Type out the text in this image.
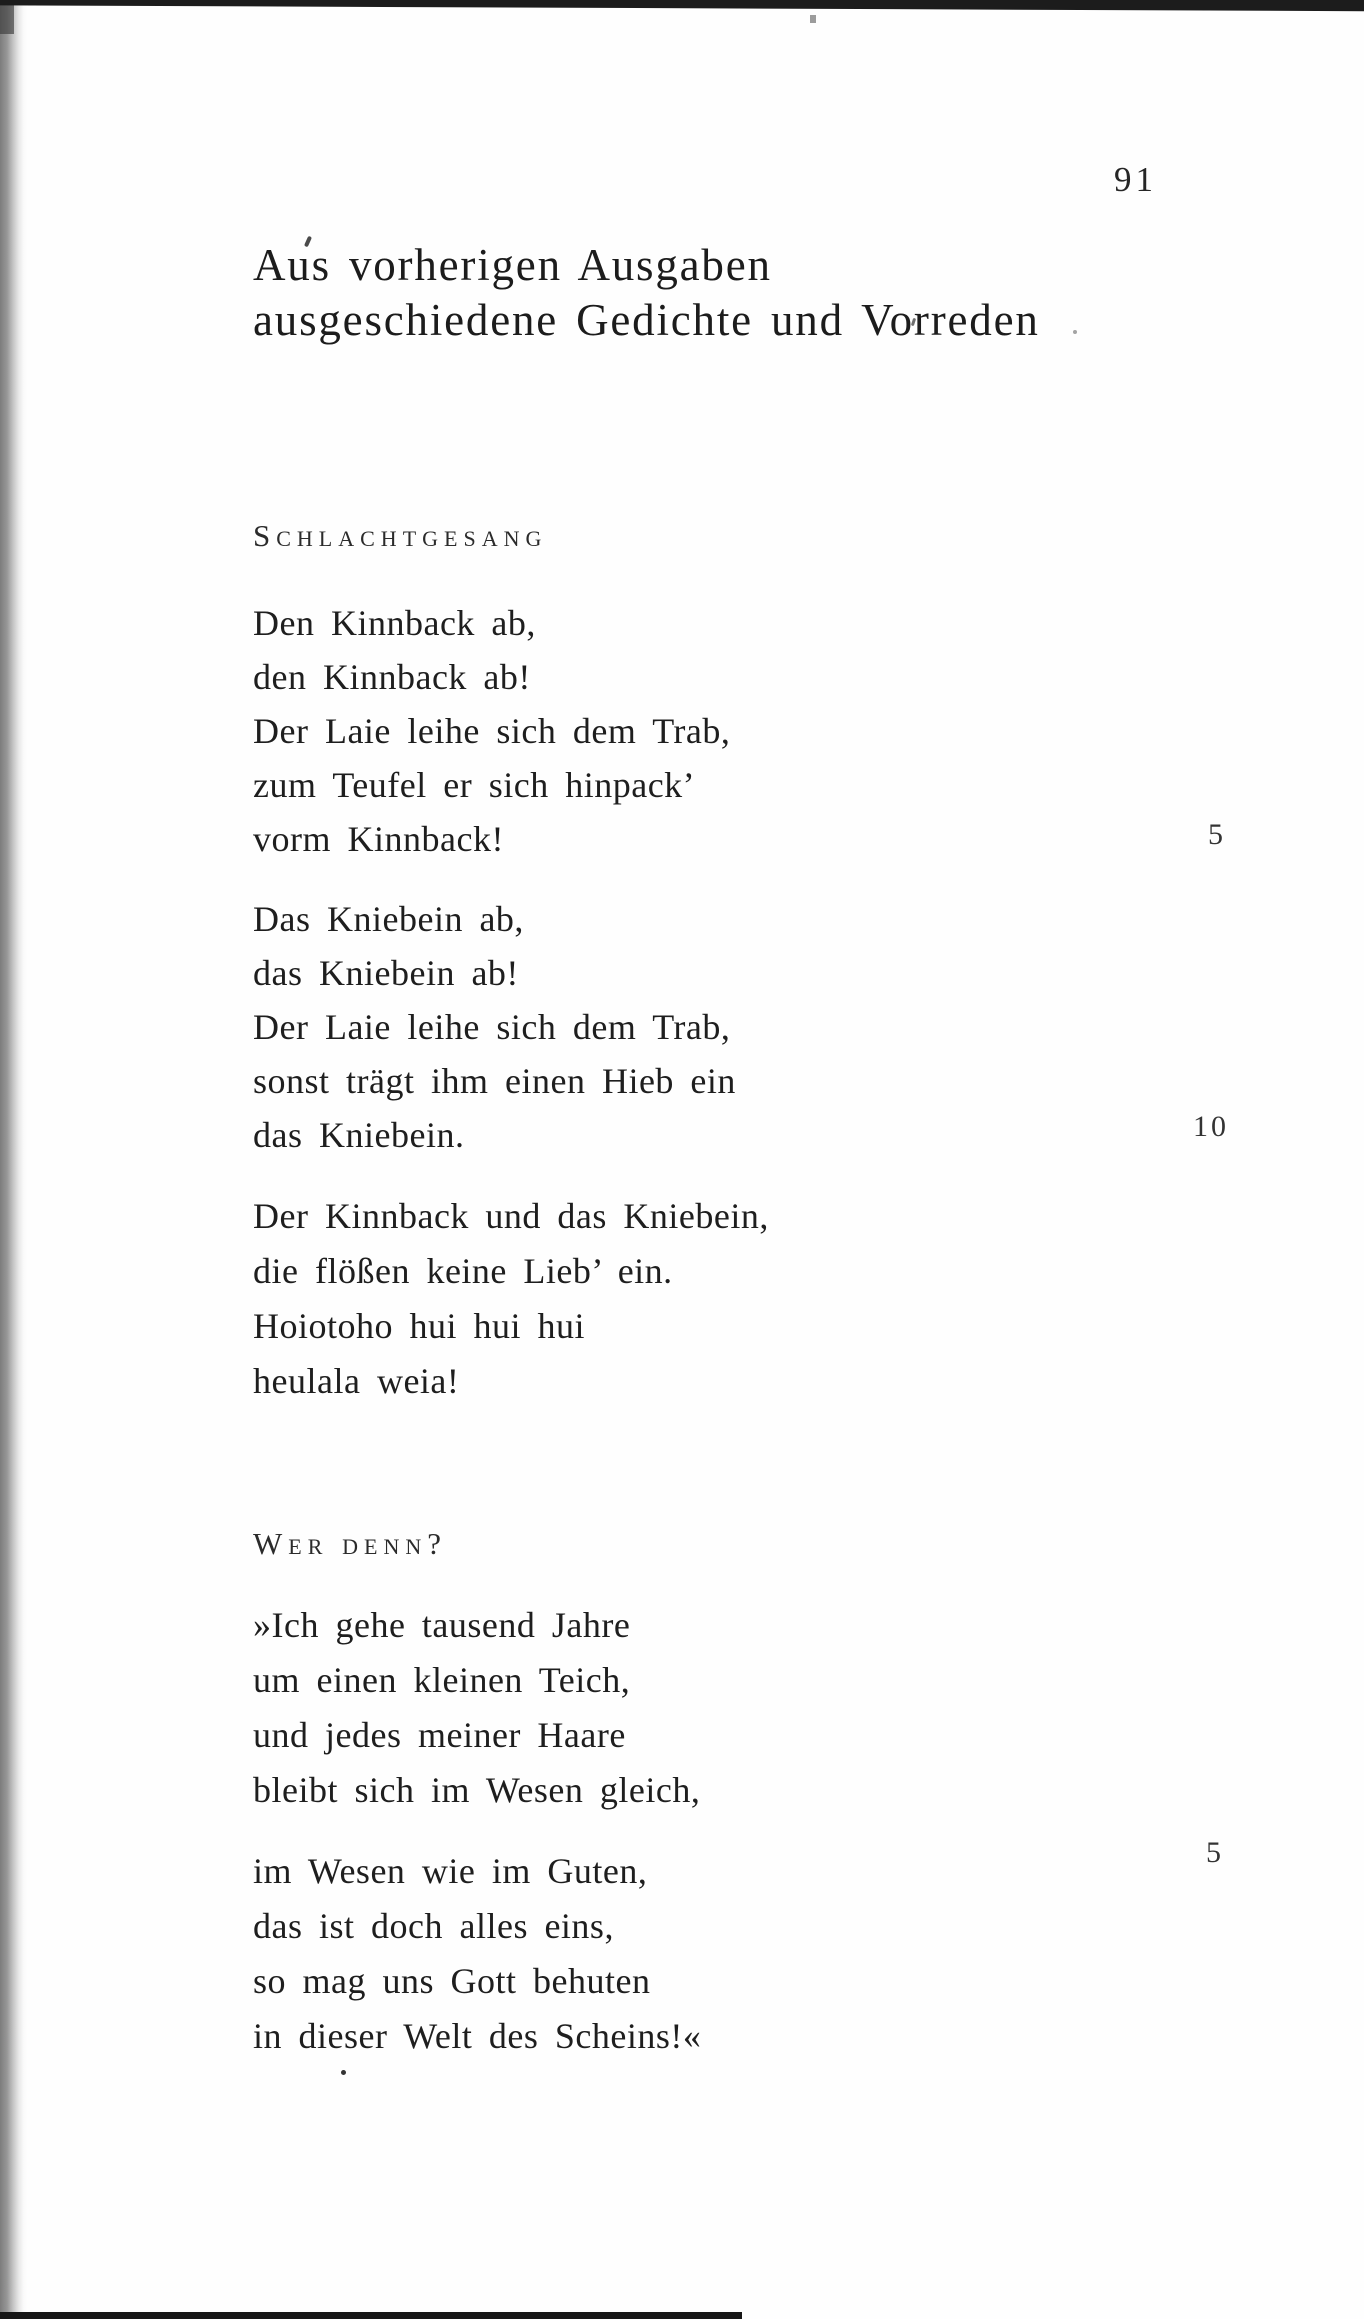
91
Aus vorherigen Ausgaben
ausgeschiedene Gedichte und Vorreden
Schlachtgesang
Den Kinnback ab,
den Kinnback ab!
Der Laie leihe sich dem Trab,
zum Teufel er sich hinpack’
vorm Kinnback!
Das Kniebein ab,
das Kniebein ab!
Der Laie leihe sich dem Trab,
sonst trägt ihm einen Hieb ein
das Kniebein.
Der Kinnback und das Kniebein,
die flößen keine Lieb’ ein.
Hoiotoho hui hui hui
heulala weia!
Wer denn?
»Ich gehe tausend Jahre
um einen kleinen Teich,
und jedes meiner Haare
bleibt sich im Wesen gleich,
im Wesen wie im Guten,
das ist doch alles eins,
so mag uns Gott behuten
in dieser Welt des Scheins!«
5
10
5
